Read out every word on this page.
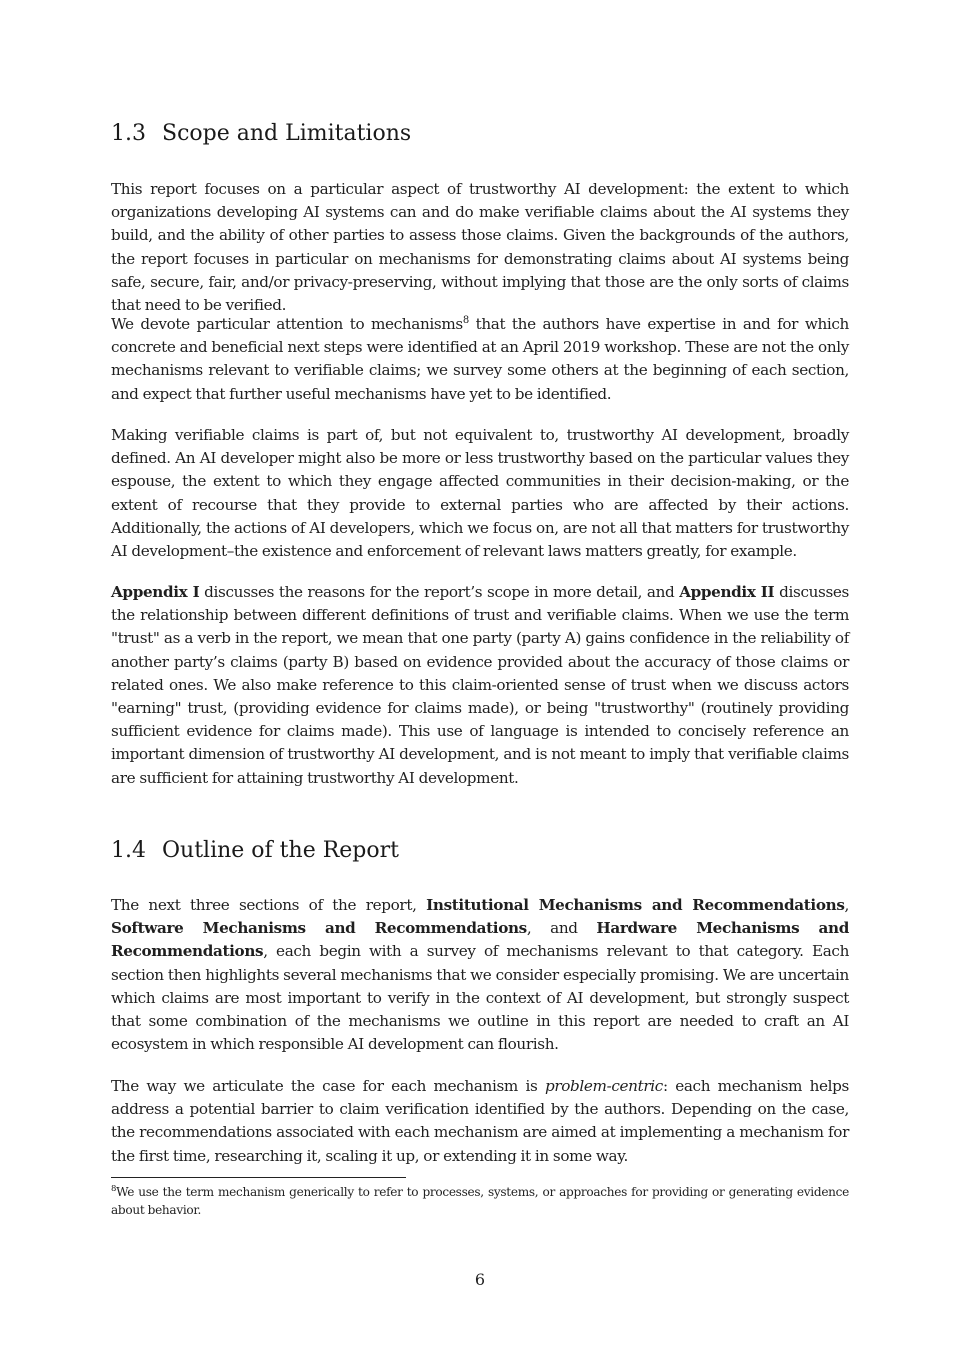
1.3 Scope and Limitations

This report focuses on a particular aspect of trustworthy AI development: the extent to which organizations developing AI systems can and do make verifiable claims about the AI systems they build, and the ability of other parties to assess those claims. Given the backgrounds of the authors, the report focuses in particular on mechanisms for demonstrating claims about AI systems being safe, secure, fair, and/or privacy-preserving, without implying that those are the only sorts of claims that need to be verified.

We devote particular attention to mechanisms$^8$ that the authors have expertise in and for which concrete and beneficial next steps were identified at an April 2019 workshop. These are not the only mechanisms relevant to verifiable claims; we survey some others at the beginning of each section, and expect that further useful mechanisms have yet to be identified.

Making verifiable claims is part of, but not equivalent to, trustworthy AI development, broadly defined. An AI developer might also be more or less trustworthy based on the particular values they espouse, the extent to which they engage affected communities in their decision-making, or the extent of recourse that they provide to external parties who are affected by their actions. Additionally, the actions of AI developers, which we focus on, are not all that matters for trustworthy AI development–the existence and enforcement of relevant laws matters greatly, for example.

Appendix I discusses the reasons for the report’s scope in more detail, and Appendix II discusses the relationship between different definitions of trust and verifiable claims. When we use the term "trust" as a verb in the report, we mean that one party (party A) gains confidence in the reliability of another party’s claims (party B) based on evidence provided about the accuracy of those claims or related ones. We also make reference to this claim-oriented sense of trust when we discuss actors "earning" trust, (providing evidence for claims made), or being "trustworthy" (routinely providing sufficient evidence for claims made). This use of language is intended to concisely reference an important dimension of trustworthy AI development, and is not meant to imply that verifiable claims are sufficient for attaining trustworthy AI development.

1.4 Outline of the Report

The next three sections of the report, Institutional Mechanisms and Recommendations, Software Mechanisms and Recommendations, and Hardware Mechanisms and Recommendations, each begin with a survey of mechanisms relevant to that category. Each section then highlights several mechanisms that we consider especially promising. We are uncertain which claims are most important to verify in the context of AI development, but strongly suspect that some combination of the mechanisms we outline in this report are needed to craft an AI ecosystem in which responsible AI development can flourish.

The way we articulate the case for each mechanism is problem-centric: each mechanism helps address a potential barrier to claim verification identified by the authors. Depending on the case, the recommendations associated with each mechanism are aimed at implementing a mechanism for the first time, researching it, scaling it up, or extending it in some way.

$^8$We use the term mechanism generically to refer to processes, systems, or approaches for providing or generating evidence about behavior.

6
